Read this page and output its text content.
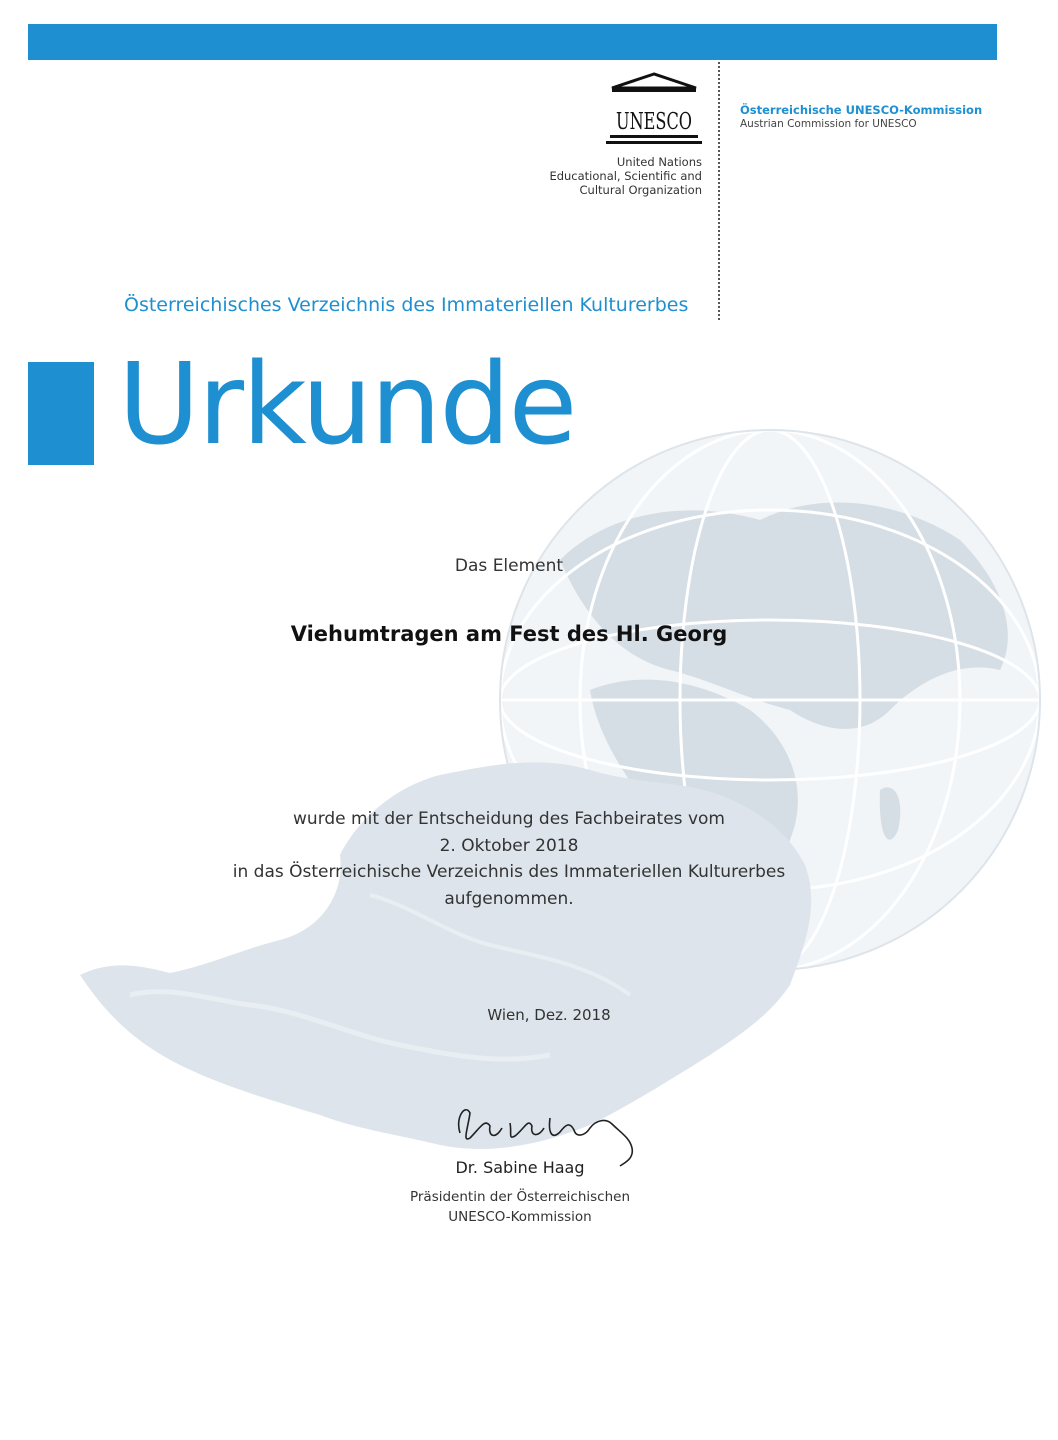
UNESCO
United Nations
Educational, Scientific and
Cultural Organization
Österreichische UNESCO-Kommission
Austrian Commission for UNESCO
Österreichisches Verzeichnis des Immateriellen Kulturerbes
Urkunde
Das Element
Viehumtragen am Fest des Hl. Georg
wurde mit der Entscheidung des Fachbeirates vom
2. Oktober 2018
in das Österreichische Verzeichnis des Immateriellen Kulturerbes
aufgenommen.
Wien, Dez. 2018
Dr. Sabine Haag
Präsidentin der Österreichischen
UNESCO-Kommission
